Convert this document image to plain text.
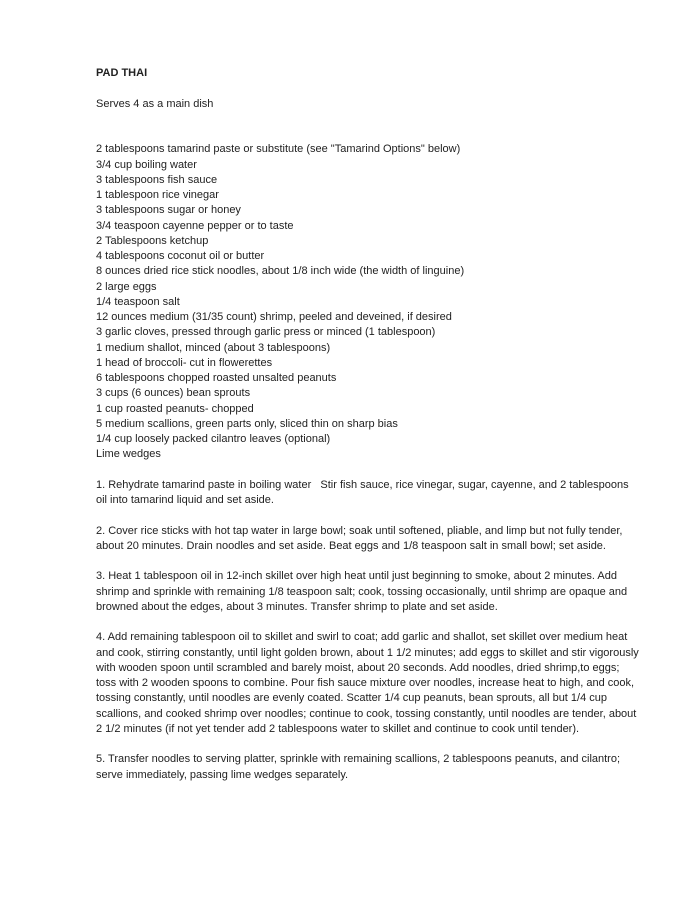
PAD THAI

Serves 4 as a main dish

2 tablespoons tamarind paste or substitute (see "Tamarind Options" below)
3/4 cup boiling water
3 tablespoons fish sauce
1 tablespoon rice vinegar
3 tablespoons sugar or honey
3/4 teaspoon cayenne pepper or to taste
2 Tablespoons ketchup
4 tablespoons coconut oil or butter
8 ounces dried rice stick noodles, about 1/8 inch wide (the width of linguine)
2 large eggs
1/4 teaspoon salt
12 ounces medium (31/35 count) shrimp, peeled and deveined, if desired
3 garlic cloves, pressed through garlic press or minced (1 tablespoon)
1 medium shallot, minced (about 3 tablespoons)
1 head of broccoli- cut in flowerettes
6 tablespoons chopped roasted unsalted peanuts
3 cups (6 ounces) bean sprouts
1 cup roasted peanuts- chopped
5 medium scallions, green parts only, sliced thin on sharp bias
1/4 cup loosely packed cilantro leaves (optional)
Lime wedges

1. Rehydrate tamarind paste in boiling water   Stir fish sauce, rice vinegar, sugar, cayenne, and 2 tablespoons oil into tamarind liquid and set aside.

2. Cover rice sticks with hot tap water in large bowl; soak until softened, pliable, and limp but not fully tender, about 20 minutes. Drain noodles and set aside. Beat eggs and 1/8 teaspoon salt in small bowl; set aside.

3. Heat 1 tablespoon oil in 12-inch skillet over high heat until just beginning to smoke, about 2 minutes. Add shrimp and sprinkle with remaining 1/8 teaspoon salt; cook, tossing occasionally, until shrimp are opaque and browned about the edges, about 3 minutes. Transfer shrimp to plate and set aside.

4. Add remaining tablespoon oil to skillet and swirl to coat; add garlic and shallot, set skillet over medium heat and cook, stirring constantly, until light golden brown, about 1 1/2 minutes; add eggs to skillet and stir vigorously with wooden spoon until scrambled and barely moist, about 20 seconds. Add noodles, dried shrimp,to eggs; toss with 2 wooden spoons to combine. Pour fish sauce mixture over noodles, increase heat to high, and cook, tossing constantly, until noodles are evenly coated. Scatter 1/4 cup peanuts, bean sprouts, all but 1/4 cup scallions, and cooked shrimp over noodles; continue to cook, tossing constantly, until noodles are tender, about 2 1/2 minutes (if not yet tender add 2 tablespoons water to skillet and continue to cook until tender).

5. Transfer noodles to serving platter, sprinkle with remaining scallions, 2 tablespoons peanuts, and cilantro; serve immediately, passing lime wedges separately.
